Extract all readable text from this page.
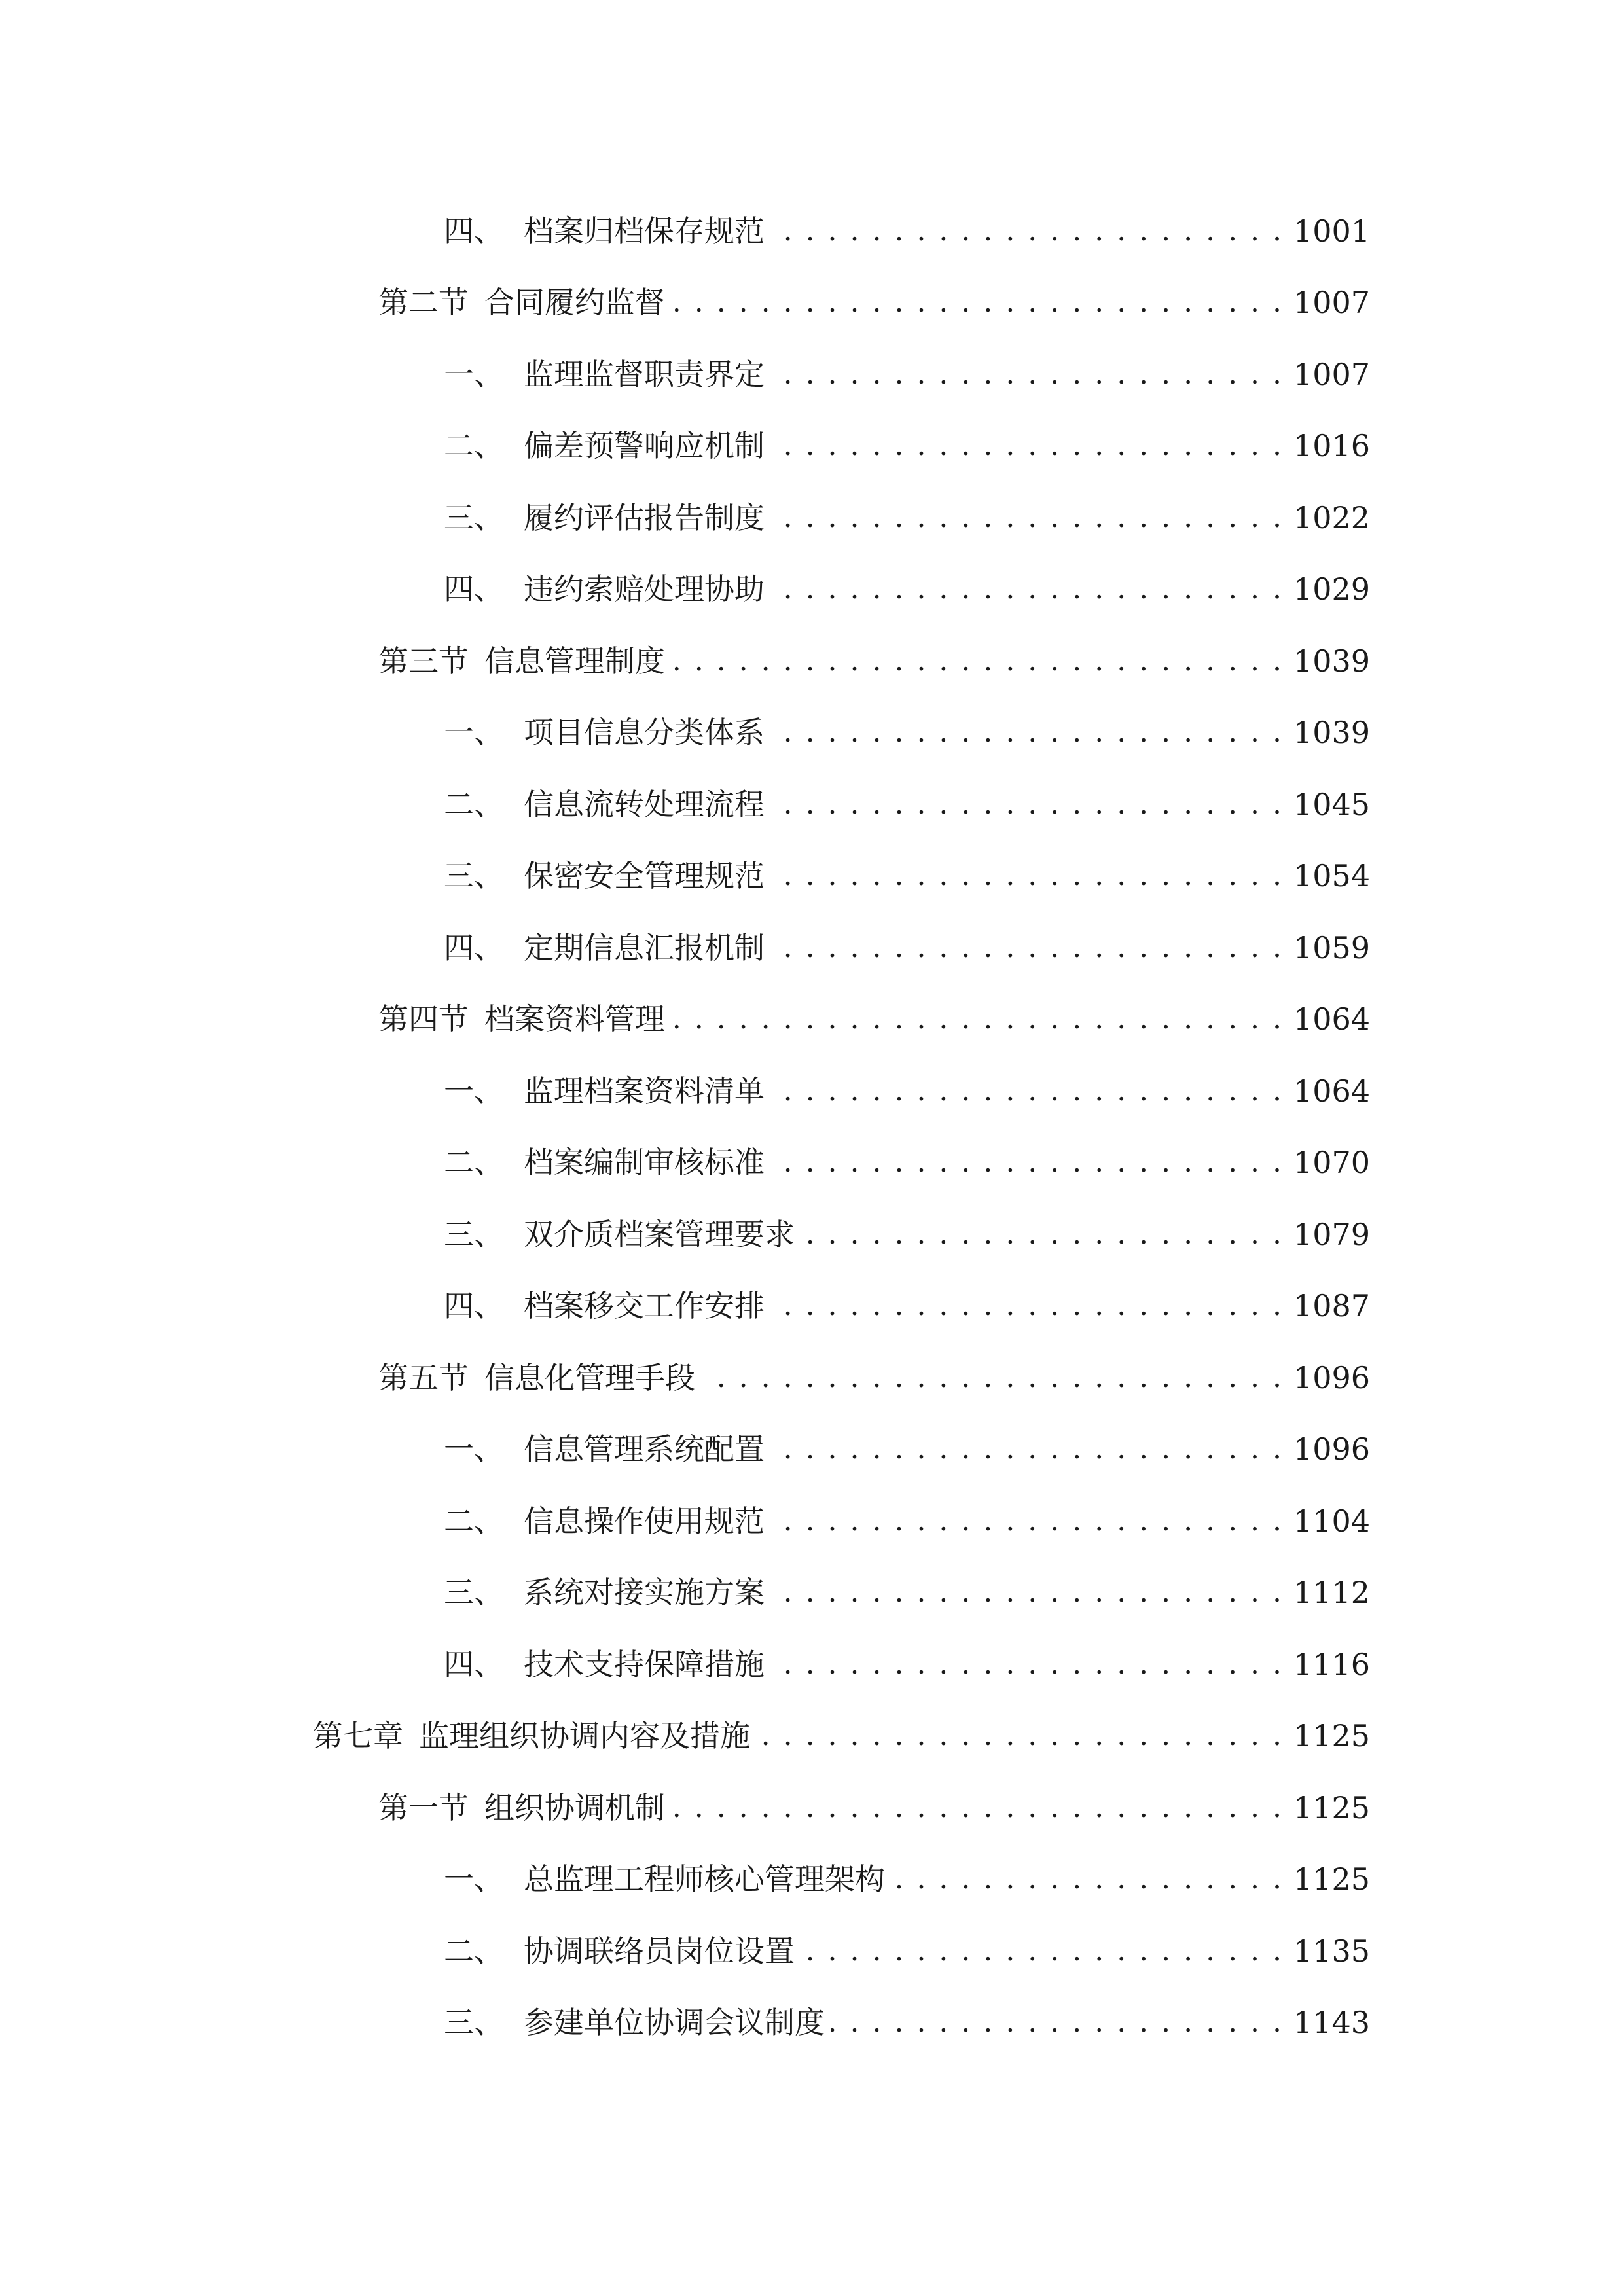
四、 档案归档保存规范 . . .	1001
第二节 合同履约监督 . . .	1007
一、 监理监督职责界定 . . .	1007
二、 偏差预警响应机制 . . .	1016
三、 履约评估报告制度 . . .	1022
四、 违约索赔处理协助 . . .	1029
第三节 信息管理制度 . . .	1039
一、 项目信息分类体系 . . .	1039
二、 信息流转处理流程 . . .	1045
三、 保密安全管理规范 . . .	1054
四、 定期信息汇报机制 . . .	1059
第四节 档案资料管理 . . .	1064
一、 监理档案资料清单 . . .	1064
二、 档案编制审核标准 . . .	1070
三、 双介质档案管理要求 . . .	1079
四、 档案移交工作安排 . . .	1087
第五节 信息化管理手段 . . .	1096
一、 信息管理系统配置 . . .	1096
二、 信息操作使用规范 . . .	1104
三、 系统对接实施方案 . . .	1112
四、 技术支持保障措施 . . .	1116
第七章 监理组织协调内容及措施 . . .	1125
第一节 组织协调机制 . . .	1125
一、 总监理工程师核心管理架构 . . .	1125
二、 协调联络员岗位设置 . . .	1135
三、 参建单位协调会议制度 . . .	1143
